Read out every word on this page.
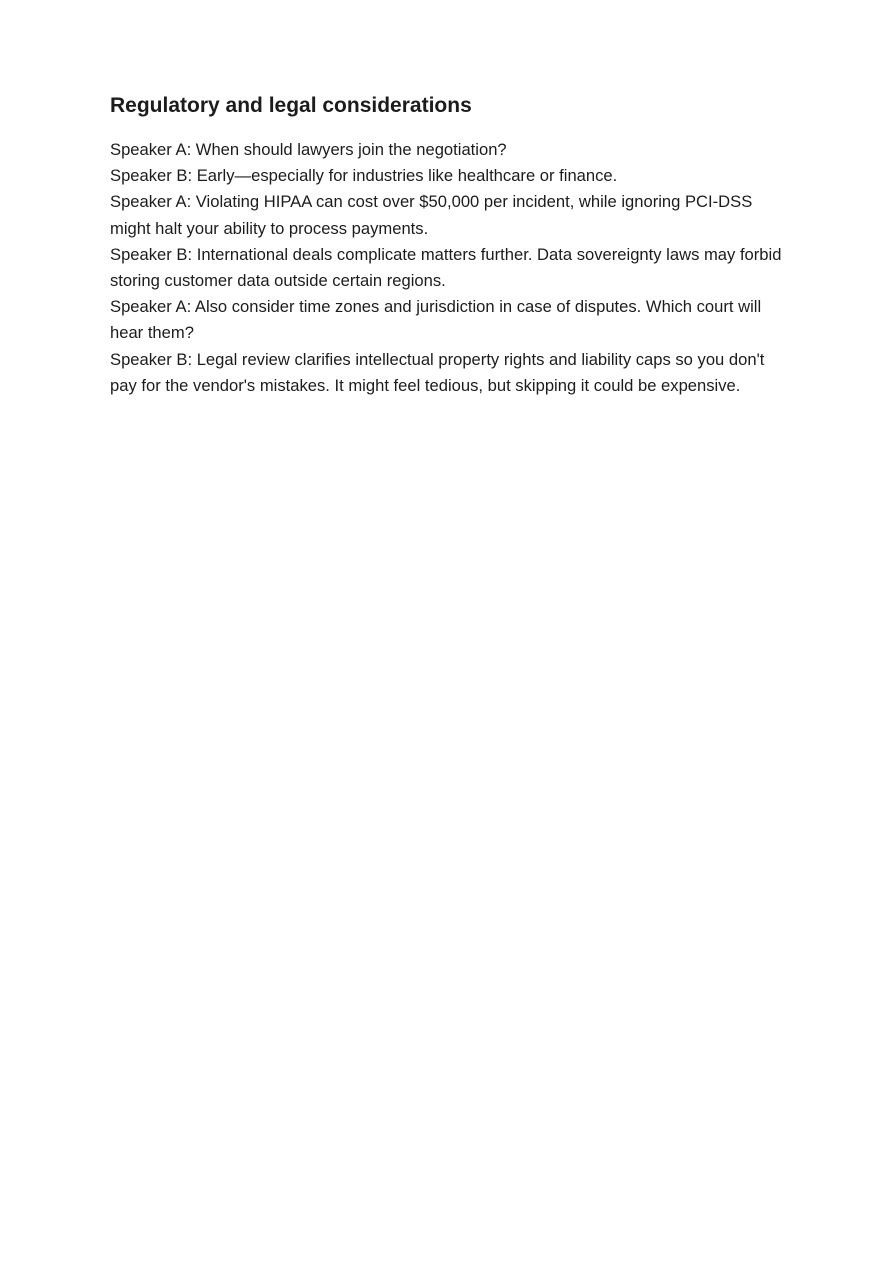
Regulatory and legal considerations

Speaker A: When should lawyers join the negotiation?

Speaker B: Early—especially for industries like healthcare or finance.

Speaker A: Violating HIPAA can cost over $50,000 per incident, while ignoring PCI-DSS might halt your ability to process payments.

Speaker B: International deals complicate matters further. Data sovereignty laws may forbid storing customer data outside certain regions.

Speaker A: Also consider time zones and jurisdiction in case of disputes. Which court will hear them?

Speaker B: Legal review clarifies intellectual property rights and liability caps so you don't pay for the vendor's mistakes. It might feel tedious, but skipping it could be expensive.
